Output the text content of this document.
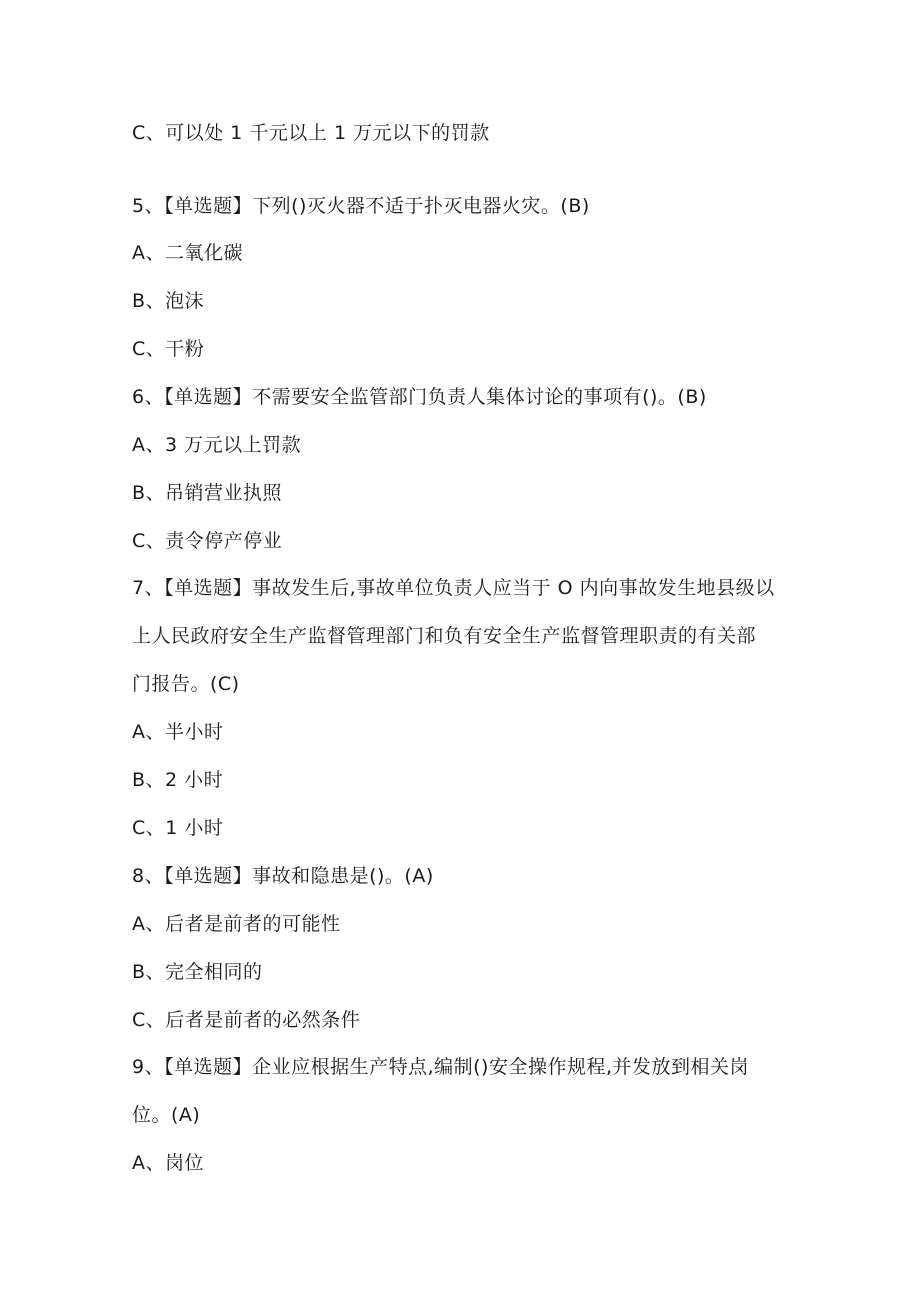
C、可以处 1 千元以上 1 万元以下的罚款
5、【单选题】下列()灭火器不适于扑灭电器火灾。(B)
A、二氧化碳
B、泡沫
C、干粉
6、【单选题】不需要安全监管部门负责人集体讨论的事项有()。(B)
A、3 万元以上罚款
B、吊销营业执照
C、责令停产停业
7、【单选题】事故发生后,事故单位负责人应当于 O 内向事故发生地县级以
上人民政府安全生产监督管理部门和负有安全生产监督管理职责的有关部
门报告。(C)
A、半小时
B、2 小时
C、1 小时
8、【单选题】事故和隐患是()。(A)
A、后者是前者的可能性
B、完全相同的
C、后者是前者的必然条件
9、【单选题】企业应根据生产特点,编制()安全操作规程,并发放到相关岗
位。(A)
A、岗位
